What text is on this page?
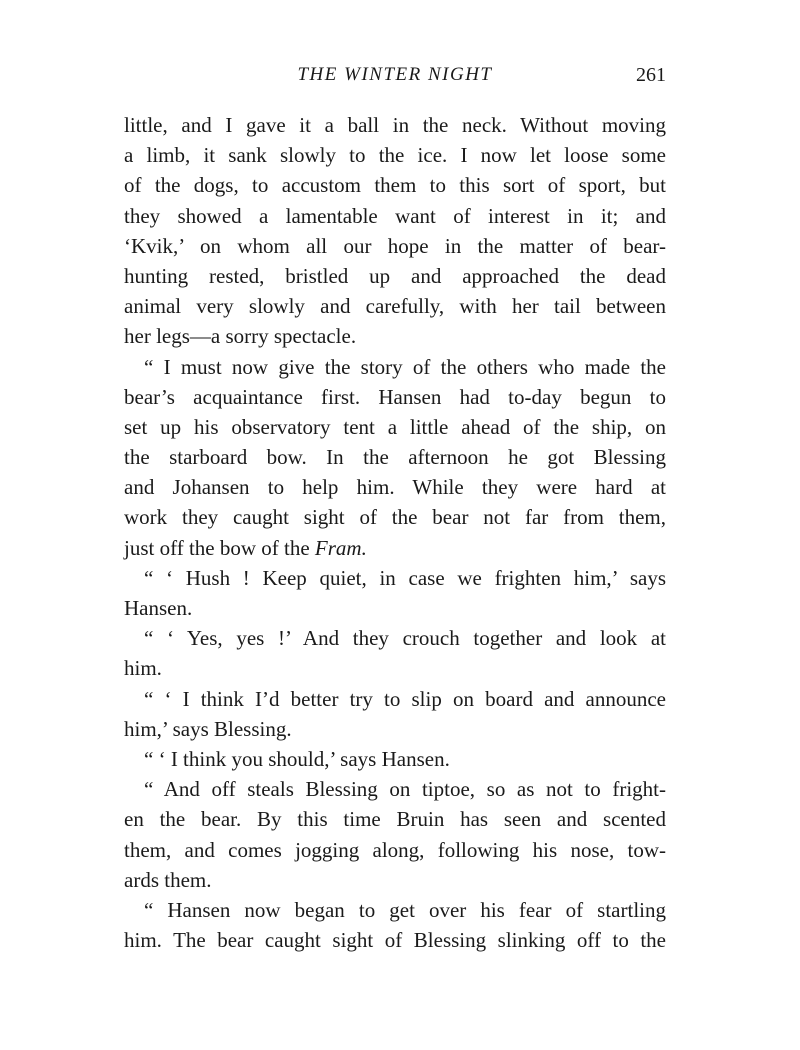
THE WINTER NIGHT	261
little, and I gave it a ball in the neck. Without moving
a limb, it sank slowly to the ice. I now let loose some
of the dogs, to accustom them to this sort of sport, but
they showed a lamentable want of interest in it; and
‘Kvik,’ on whom all our hope in the matter of bear-
hunting rested, bristled up and approached the dead
animal very slowly and carefully, with her tail between
her legs—a sorry spectacle.
“ I must now give the story of the others who made the
bear’s acquaintance first. Hansen had to-day begun to
set up his observatory tent a little ahead of the ship, on
the starboard bow. In the afternoon he got Blessing
and Johansen to help him. While they were hard at
work they caught sight of the bear not far from them,
just off the bow of the Fram.
“ ‘ Hush ! Keep quiet, in case we frighten him,’ says
Hansen.
“ ‘ Yes, yes !’ And they crouch together and look at
him.
“ ‘ I think I’d better try to slip on board and announce
him,’ says Blessing.
“ ‘ I think you should,’ says Hansen.
“ And off steals Blessing on tiptoe, so as not to fright-
en the bear. By this time Bruin has seen and scented
them, and comes jogging along, following his nose, tow-
ards them.
“ Hansen now began to get over his fear of startling
him. The bear caught sight of Blessing slinking off to the
